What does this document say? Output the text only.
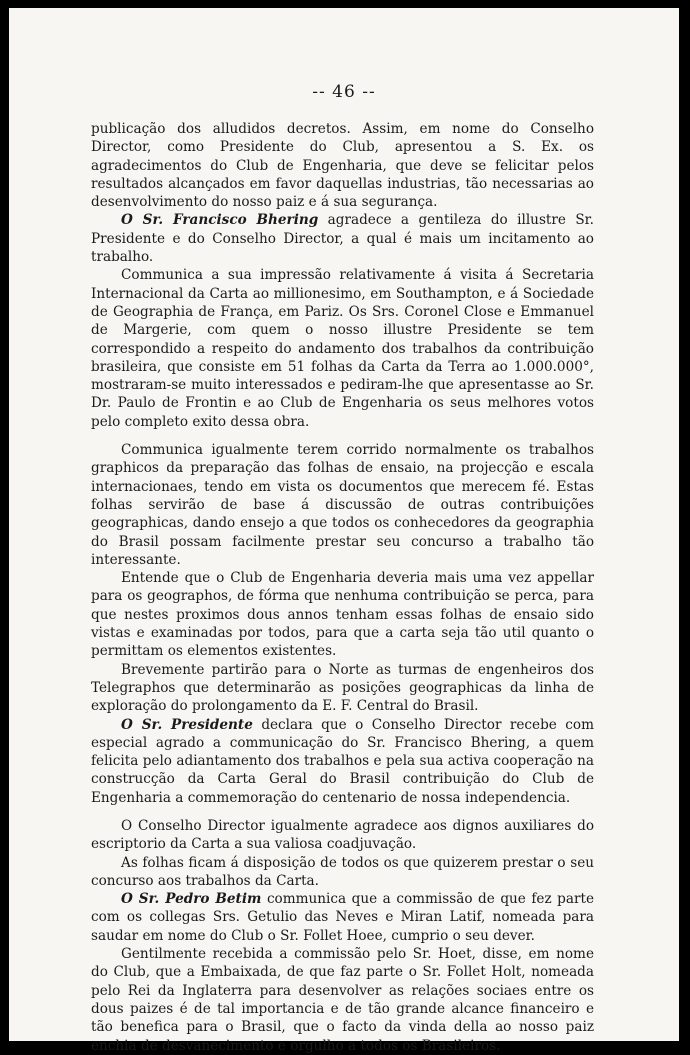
-- 46 --

publicação dos alludidos decretos. Assim, em nome do Conselho Director, como Presidente do Club, apresentou a S. Ex. os agradecimentos do Club de Engenharia, que deve se felicitar pelos resultados alcançados em favor daquellas industrias, tão necessarias ao desenvolvimento do nosso paiz e á sua segurança.

O Sr. Francisco Bhering agradece a gentileza do illustre Sr. Presidente e do Conselho Director, a qual é mais um incitamento ao trabalho.

Communica a sua impressão relativamente á visita á Secretaria Internacional da Carta ao millionesimo, em Southampton, e á Sociedade de Geographia de França, em Pariz. Os Srs. Coronel Close e Emmanuel de Margerie, com quem o nosso illustre Presidente se tem correspondido a respeito do andamento dos trabalhos da contribuição brasileira, que consiste em 51 folhas da Carta da Terra ao 1.000.000°, mostraram-se muito interessados e pediram-lhe que apresentasse ao Sr. Dr. Paulo de Frontin e ao Club de Engenharia os seus melhores votos pelo completo exito dessa obra.

Communica igualmente terem corrido normalmente os trabalhos graphicos da preparação das folhas de ensaio, na projecção e escala internacionaes, tendo em vista os documentos que merecem fé. Estas folhas servirão de base á discussão de outras contribuições geographicas, dando ensejo a que todos os conhecedores da geographia do Brasil possam facilmente prestar seu concurso a trabalho tão interessante.

Entende que o Club de Engenharia deveria mais uma vez appellar para os geographos, de fórma que nenhuma contribuição se perca, para que nestes proximos dous annos tenham essas folhas de ensaio sido vistas e examinadas por todos, para que a carta seja tão util quanto o permittam os elementos existentes.

Brevemente partirão para o Norte as turmas de engenheiros dos Telegraphos que determinarão as posições geographicas da linha de exploração do prolongamento da E. F. Central do Brasil.

O Sr. Presidente declara que o Conselho Director recebe com especial agrado a communicação do Sr. Francisco Bhering, a quem felicita pelo adiantamento dos trabalhos e pela sua activa cooperação na construcção da Carta Geral do Brasil contribuição do Club de Engenharia a commemoração do centenario de nossa independencia.

O Conselho Director igualmente agradece aos dignos auxiliares do escriptorio da Carta a sua valiosa coadjuvação.

As folhas ficam á disposição de todos os que quizerem prestar o seu concurso aos trabalhos da Carta.

O Sr. Pedro Betim communica que a commissão de que fez parte com os collegas Srs. Getulio das Neves e Miran Latif, nomeada para saudar em nome do Club o Sr. Follet Hoee, cumprio o seu dever.

Gentilmente recebida a commissão pelo Sr. Hoet, disse, em nome do Club, que a Embaixada, de que faz parte o Sr. Follet Holt, nomeada pelo Rei da Inglaterra para desenvolver as relações sociaes entre os dous paizes é de tal importancia e de tão grande alcance financeiro e tão benefica para o Brasil, que o facto da vinda della ao nosso paiz enchia de desvanecimento e orgulho a todos os Brasileiros.
